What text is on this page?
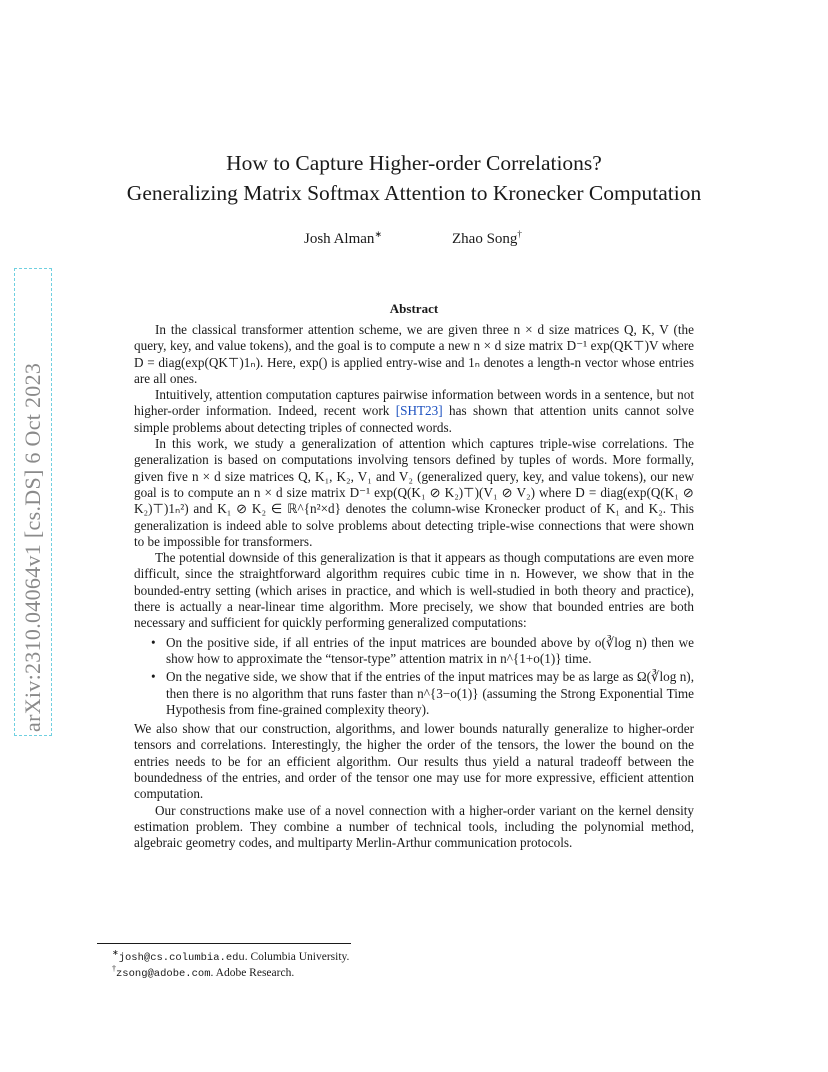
arXiv:2310.04064v1 [cs.DS] 6 Oct 2023
How to Capture Higher-order Correlations?
Generalizing Matrix Softmax Attention to Kronecker Computation
Josh Alman∗	Zhao Song†
Abstract

In the classical transformer attention scheme, we are given three n × d size matrices Q, K, V (the query, key, and value tokens), and the goal is to compute a new n × d size matrix D⁻¹ exp(QK⊤)V where D = diag(exp(QK⊤)1ₙ). Here, exp() is applied entry-wise and 1ₙ denotes a length-n vector whose entries are all ones.

Intuitively, attention computation captures pairwise information between words in a sentence, but not higher-order information. Indeed, recent work [SHT23] has shown that attention units cannot solve simple problems about detecting triples of connected words.

In this work, we study a generalization of attention which captures triple-wise correlations. The generalization is based on computations involving tensors defined by tuples of words. More formally, given five n × d size matrices Q, K₁, K₂, V₁ and V₂ (generalized query, key, and value tokens), our new goal is to compute an n × d size matrix D⁻¹ exp(Q(K₁ ⊘ K₂)⊤)(V₁ ⊘ V₂) where D = diag(exp(Q(K₁ ⊘ K₂)⊤)1ₙ²) and K₁ ⊘ K₂ ∈ ℝ^{n²×d} denotes the column-wise Kronecker product of K₁ and K₂. This generalization is indeed able to solve problems about detecting triple-wise connections that were shown to be impossible for transformers.

The potential downside of this generalization is that it appears as though computations are even more difficult, since the straightforward algorithm requires cubic time in n. However, we show that in the bounded-entry setting (which arises in practice, and which is well-studied in both theory and practice), there is actually a near-linear time algorithm. More precisely, we show that bounded entries are both necessary and sufficient for quickly performing generalized computations:

• On the positive side, if all entries of the input matrices are bounded above by o(∛log n) then we show how to approximate the “tensor-type” attention matrix in n^{1+o(1)} time.
• On the negative side, we show that if the entries of the input matrices may be as large as Ω(∛log n), then there is no algorithm that runs faster than n^{3−o(1)} (assuming the Strong Exponential Time Hypothesis from fine-grained complexity theory).

We also show that our construction, algorithms, and lower bounds naturally generalize to higher-order tensors and correlations. Interestingly, the higher the order of the tensors, the lower the bound on the entries needs to be for an efficient algorithm. Our results thus yield a natural tradeoff between the boundedness of the entries, and order of the tensor one may use for more expressive, efficient attention computation.

Our constructions make use of a novel connection with a higher-order variant on the kernel density estimation problem. They combine a number of technical tools, including the polynomial method, algebraic geometry codes, and multiparty Merlin-Arthur communication protocols.

∗josh@cs.columbia.edu. Columbia University.
†zsong@adobe.com. Adobe Research.
